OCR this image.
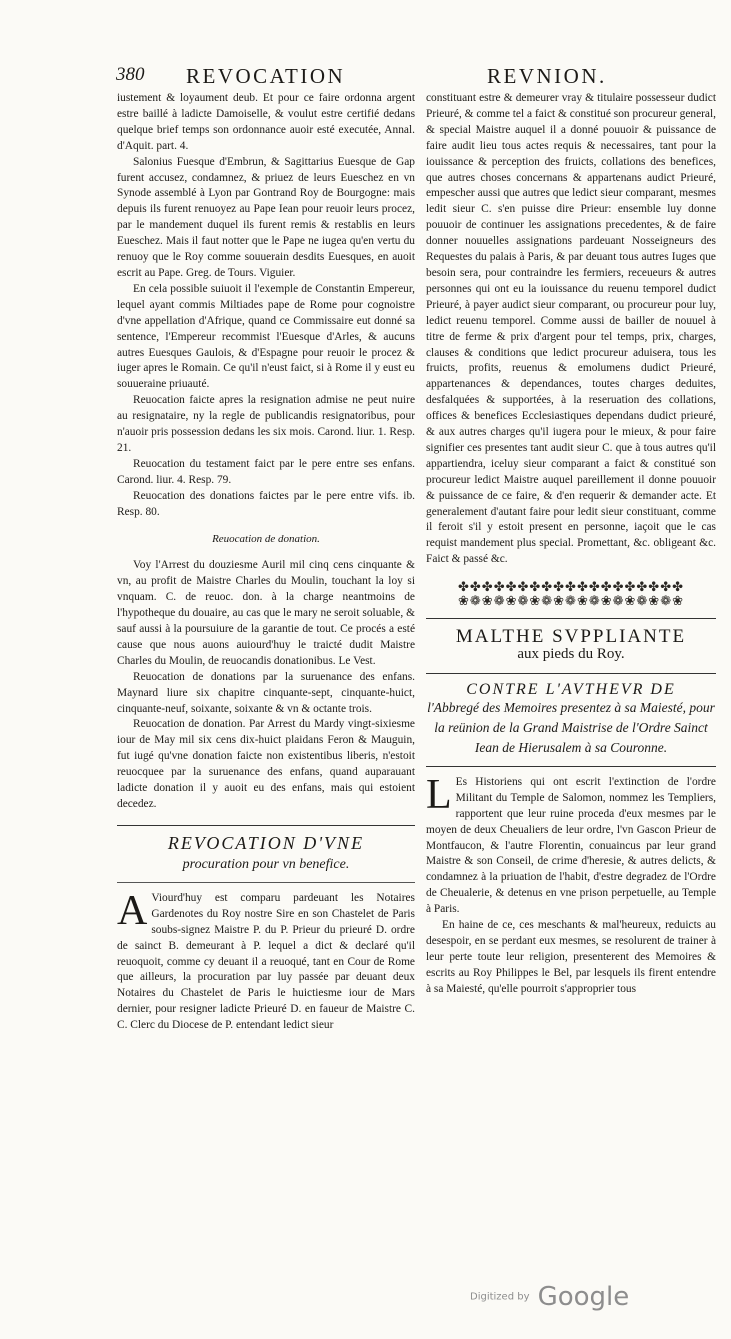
380 REVOCATION	REVNION.

iustement & loyaument deub. Et pour ce faire ordonna argent estre baillé à ladicte Damoiselle, & voulut estre certifié dedans quelque brief temps son ordonnance auoir esté executée, Annal. d'Aquit. part. 4.

Salonius Fuesque d'Embrun, & Sagittarius Euesque de Gap furent accusez, condamnez, & priuez de leurs Eueschez en vn Synode assemblé à Lyon par Gontrand Roy de Bourgogne: mais depuis ils furent renuoyez au Pape Iean pour reuoir leurs procez, par le mandement duquel ils furent remis & restablis en leurs Eueschez. Mais il faut notter que le Pape ne iugea qu'en vertu du renuoy que le Roy comme souuerain desdits Euesques, en auoit escrit au Pape. Greg. de Tours. Viguier.

En cela possible suiuoit il l'exemple de Constantin Empereur, lequel ayant commis Miltiades pape de Rome pour cognoistre d'vne appellation d'Afrique, quand ce Commissaire eut donné sa sentence, l'Empereur recommist l'Euesque d'Arles, & aucuns autres Euesques Gaulois, & d'Espagne pour reuoir le procez & iuger apres le Romain. Ce qu'il n'eust faict, si à Rome il y eust eu souueraine priuauté.

Reuocation faicte apres la resignation admise ne peut nuire au resignataire, ny la regle de publicandis resignatoribus, pour n'auoir pris possession dedans les six mois. Carond. liur. 1. Resp. 21.

Reuocation du testament faict par le pere entre ses enfans. Carond. liur. 4. Resp. 79.

Reuocation des donations faictes par le pere entre vifs. ib. Resp. 80.

Reuocation de donation.

Voy l'Arrest du douziesme Auril mil cinq cens cinquante & vn, au profit de Maistre Charles du Moulin, touchant la loy si vnquam. C. de reuoc. don. à la charge neantmoins de l'hypotheque du douaire, au cas que le mary ne seroit soluable, & sauf aussi à la poursuiure de la garantie de tout. Ce procés a esté cause que nous auons auiourd'huy le traicté dudit Maistre Charles du Moulin, de reuocandis donationibus. Le Vest.

Reuocation de donations par la suruenance des enfans. Maynard liure six chapitre cinquante-sept, cinquante-huict, cinquante-neuf, soixante, soixante & vn & octante trois.

Reuocation de donation. Par Arrest du Mardy vingt-sixiesme iour de May mil six cens dix-huict plaidans Feron & Mauguin, fut iugé qu'vne donation faicte non existentibus liberis, n'estoit reuocquee par la suruenance des enfans, quand auparauant ladicte donation il y auoit eu des enfans, mais qui estoient decedez.

REVOCATION D'VNE
procuration pour vn benefice.

A Viourd'huy est comparu pardeuant les Notaires Gardenotes du Roy nostre Sire en son Chastelet de Paris soubs-signez Maistre P. du P. Prieur du prieuré D. ordre de sainct B. demeurant à P. lequel a dict & declaré qu'il reuoquoit, comme cy deuant il a reuoqué, tant en Cour de Rome que ailleurs, la procuration par luy passée par deuant deux Notaires du Chastelet de Paris le huictiesme iour de Mars dernier, pour resigner ladicte Prieuré D. en faueur de Maistre C. C. Clerc du Diocese de P. entendant ledict sieur

constituant estre & demeurer vray & titulaire possesseur dudict Prieuré, & comme tel a faict & constitué son procureur general, & special Maistre auquel il a donné pouuoir & puissance de faire audit lieu tous actes requis & necessaires, tant pour la iouissance & perception des fruicts, collations des benefices, que autres choses concernans & appartenans audict Prieuré, empescher aussi que autres que ledict sieur comparant, mesmes ledit sieur C. s'en puisse dire Prieur: ensemble luy donne pouuoir de continuer les assignations precedentes, & de faire donner nouuelles assignations pardeuant Nosseigneurs des Requestes du palais à Paris, & par deuant tous autres Iuges que besoin sera, pour contraindre les fermiers, receueurs & autres personnes qui ont eu la iouissance du reuenu temporel dudict Prieuré, à payer audict sieur comparant, ou procureur pour luy, ledict reuenu temporel. Comme aussi de bailler de nouuel à titre de ferme & prix d'argent pour tel temps, prix, charges, clauses & conditions que ledict procureur aduisera, tous les fruicts, profits, reuenus & emolumens dudict Prieuré, appartenances & dependances, toutes charges deduites, desfalquées & supportées, à la reseruation des collations, offices & benefices Ecclesiastiques dependans dudict prieuré, & aux autres charges qu'il iugera pour le mieux, & pour faire signifier ces presentes tant audit sieur C. que à tous autres qu'il appartiendra, iceluy sieur comparant a faict & constitué son procureur ledict Maistre auquel pareillement il donne pouuoir & puissance de ce faire, & d'en requerir & demander acte. Et generalement d'autant faire pour ledit sieur constituant, comme il feroit s'il y estoit present en personne, iaçoit que le cas requist mandement plus special. Promettant, &c. obligeant &c. Faict & passé &c.

✤✤✤✤✤✤✤✤✤✤✤✤✤✤✤✤✤✤✤
❀❁❀❁❀❁❀❁❀❁❀❁❀❁❀❁❀❁❀
MALTHE SVPPLIANTE
aux pieds du Roy.
CONTRE L'AVTHEVR DE
l'Abbregé des Memoires presentez à sa Maiesté, pour la reünion de la Grand Maistrise de l'Ordre Sainct Iean de Hierusalem à sa Couronne.

L Es Historiens qui ont escrit l'extinction de l'ordre Militant du Temple de Salomon, nommez les Templiers, rapportent que leur ruine proceda d'eux mesmes par le moyen de deux Cheualiers de leur ordre, l'vn Gascon Prieur de Montfaucon, & l'autre Florentin, conuaincus par leur grand Maistre & son Conseil, de crime d'heresie, & autres delicts, & condamnez à la priuation de l'habit, d'estre degradez de l'Ordre de Cheualerie, & detenus en vne prison perpetuelle, au Temple à Paris.

En haine de ce, ces meschants & mal'heureux, reduicts au desespoir, en se perdant eux mesmes, se resolurent de trainer à leur perte toute leur religion, presenterent des Memoires & escrits au Roy Philippes le Bel, par lesquels ils firent entendre à sa Maiesté, qu'elle pourroit s'approprier tous

Digitized by Google
